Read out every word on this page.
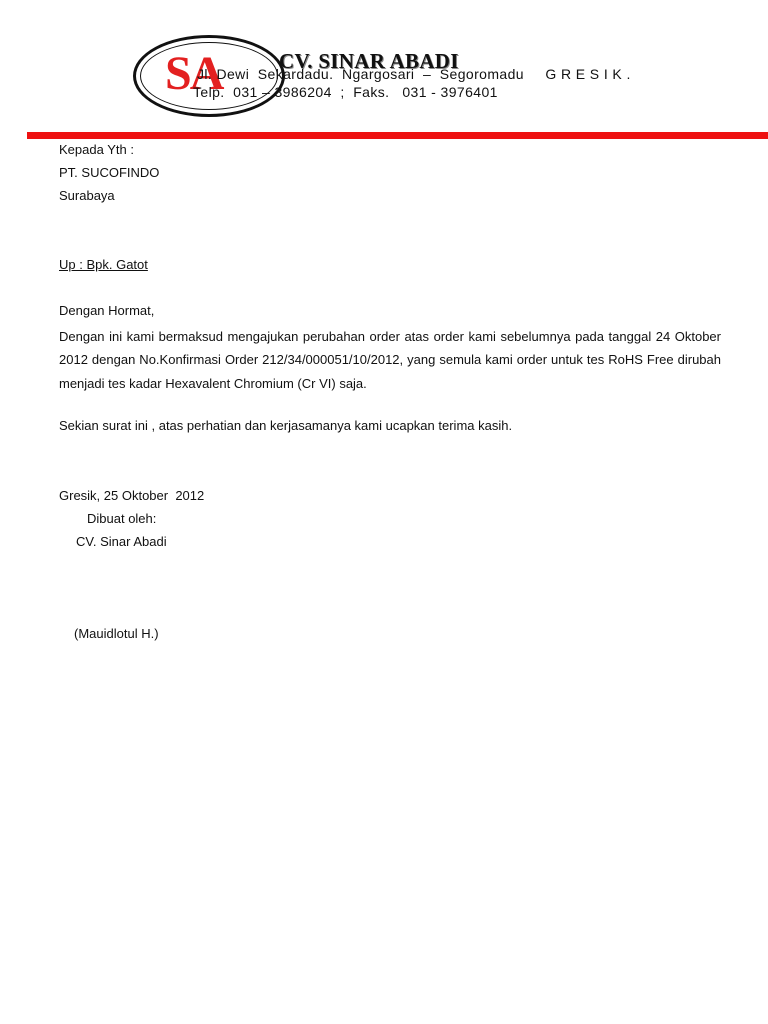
SA	CV. SINAR ABADI
Jl. Dewi  Sekardadu.  Ngargosari  –  Segoromadu     G R E S I K .
Telp.  031 – 3986204  ;  Faks.   031 - 3976401
Kepada Yth :
PT. SUCOFINDO
Surabaya
Up : Bpk. Gatot
Dengan Hormat,
Dengan ini kami bermaksud mengajukan perubahan order atas order kami sebelumnya pada tanggal 24 Oktober 2012 dengan No.Konfirmasi Order 212/34/000051/10/2012, yang semula kami order untuk tes RoHS Free dirubah menjadi tes kadar Hexavalent Chromium (Cr VI) saja.
Sekian surat ini , atas perhatian dan kerjasamanya kami ucapkan terima kasih.
Gresik, 25 Oktober  2012
Dibuat oleh:
CV. Sinar Abadi
(Mauidlotul H.)
